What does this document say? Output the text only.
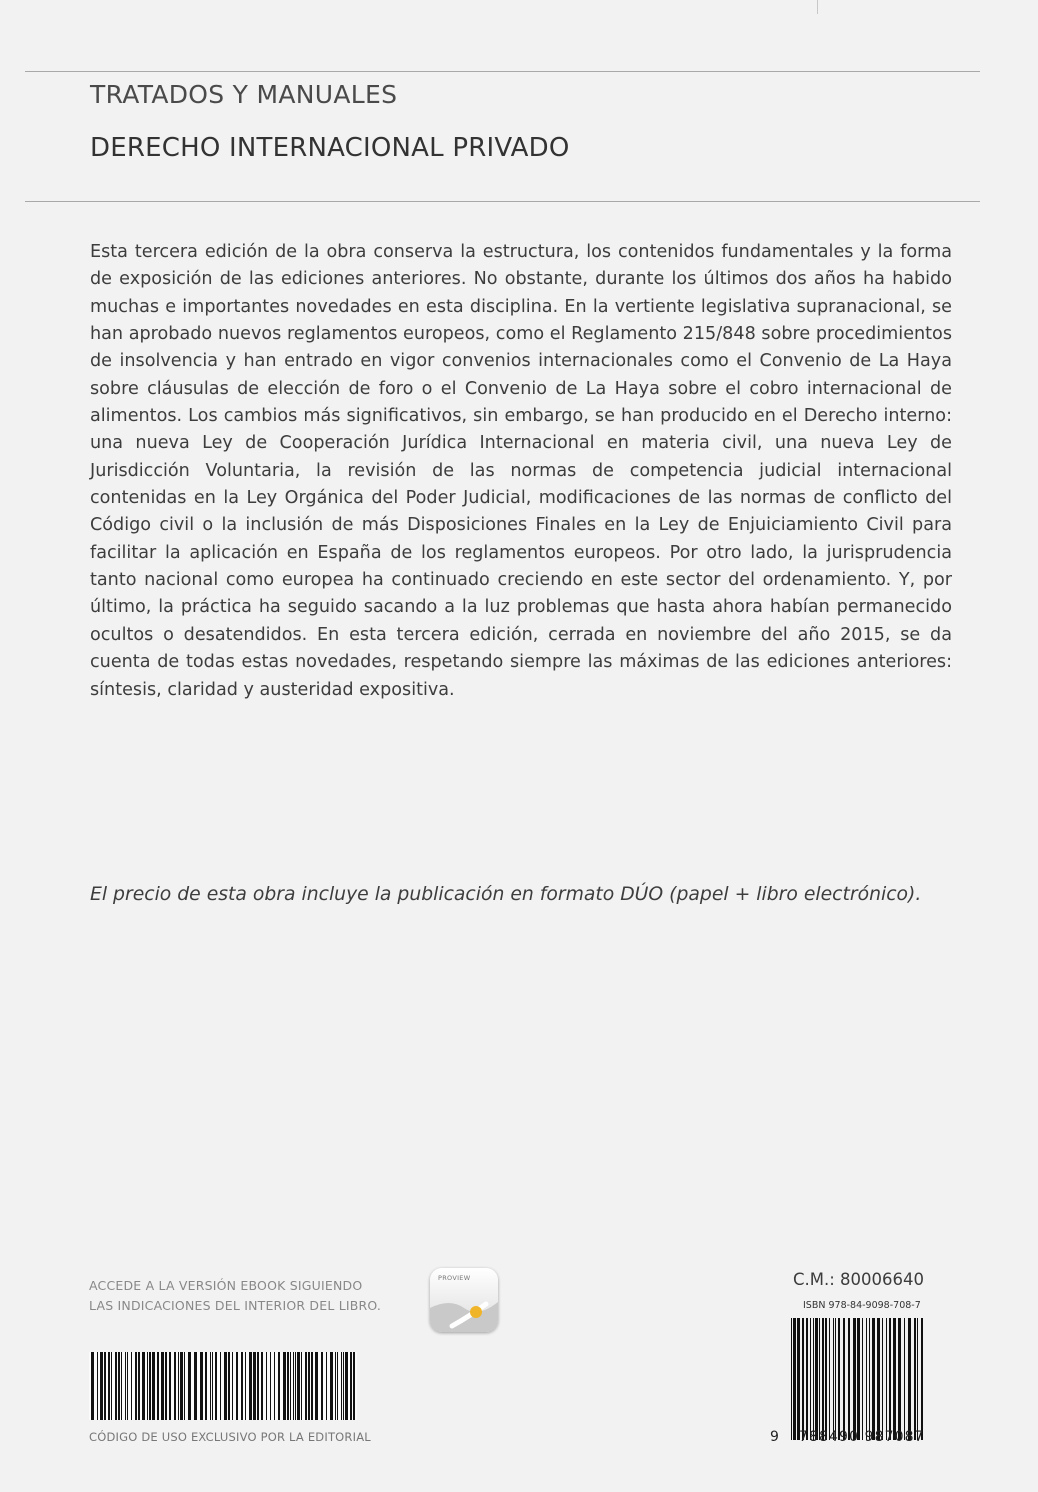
TRATADOS Y MANUALES
DERECHO INTERNACIONAL PRIVADO

Esta tercera edición de la obra conserva la estructura, los contenidos fundamentales y la forma de exposición de las ediciones anteriores. No obstante, durante los últimos dos años ha habido muchas e importantes novedades en esta disciplina. En la vertiente legislativa supranacional, se han aprobado nuevos reglamentos europeos, como el Reglamento 215/848 sobre procedimientos de insolvencia y han entrado en vigor convenios internacionales como el Convenio de La Haya sobre cláusulas de elección de foro o el Convenio de La Haya sobre el cobro internacional de alimentos. Los cambios más significativos, sin embargo, se han producido en el Derecho interno: una nueva Ley de Cooperación Jurídica Internacional en materia civil, una nueva Ley de Jurisdicción Voluntaria, la revisión de las normas de competencia judicial internacional contenidas en la Ley Orgánica del Poder Judicial, modificaciones de las normas de conflicto del Código civil o la inclusión de más Disposiciones Finales en la Ley de Enjuiciamiento Civil para facilitar la aplicación en España de los reglamentos europeos. Por otro lado, la jurisprudencia tanto nacional como europea ha continuado creciendo en este sector del ordenamiento. Y, por último, la práctica ha seguido sacando a la luz problemas que hasta ahora habían permanecido ocultos o desatendidos. En esta tercera edición, cerrada en noviembre del año 2015, se da cuenta de todas estas novedades, respetando siempre las máximas de las ediciones anteriores: síntesis, claridad y austeridad expositiva.

El precio de esta obra incluye la publicación en formato DÚO (papel + libro electrónico).
ACCEDE A LA VERSIÓN EBOOK SIGUIENDO
LAS INDICACIONES DEL INTERIOR DEL LIBRO.
PROVIEW
CÓDIGO DE USO EXCLUSIVO POR LA EDITORIAL
C.M.: 80006640
ISBN 978-84-9098-708-7
9 788490 987087
